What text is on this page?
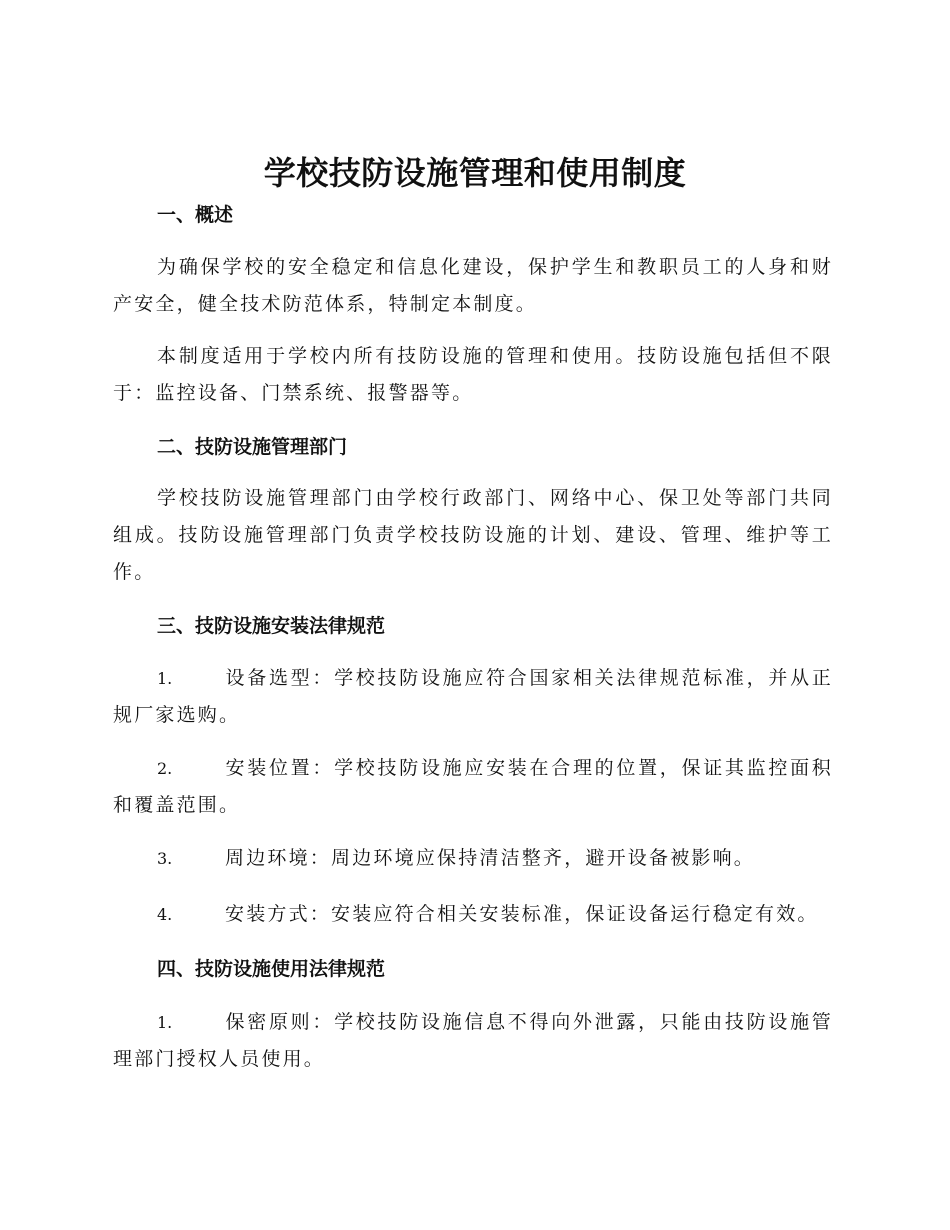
学校技防设施管理和使用制度
一、概述
为确保学校的安全稳定和信息化建设，保护学生和教职员工的人身和财产安全，健全技术防范体系，特制定本制度。
本制度适用于学校内所有技防设施的管理和使用。技防设施包括但不限于：监控设备、门禁系统、报警器等。
二、技防设施管理部门
学校技防设施管理部门由学校行政部门、网络中心、保卫处等部门共同组成。技防设施管理部门负责学校技防设施的计划、建设、管理、维护等工作。
三、技防设施安装法律规范
1.	设备选型：学校技防设施应符合国家相关法律规范标准，并从正规厂家选购。
2.	安装位置：学校技防设施应安装在合理的位置，保证其监控面积和覆盖范围。
3.	周边环境：周边环境应保持清洁整齐，避开设备被影响。
4.	安装方式：安装应符合相关安装标准，保证设备运行稳定有效。
四、技防设施使用法律规范
1.	保密原则：学校技防设施信息不得向外泄露，只能由技防设施管理部门授权人员使用。
